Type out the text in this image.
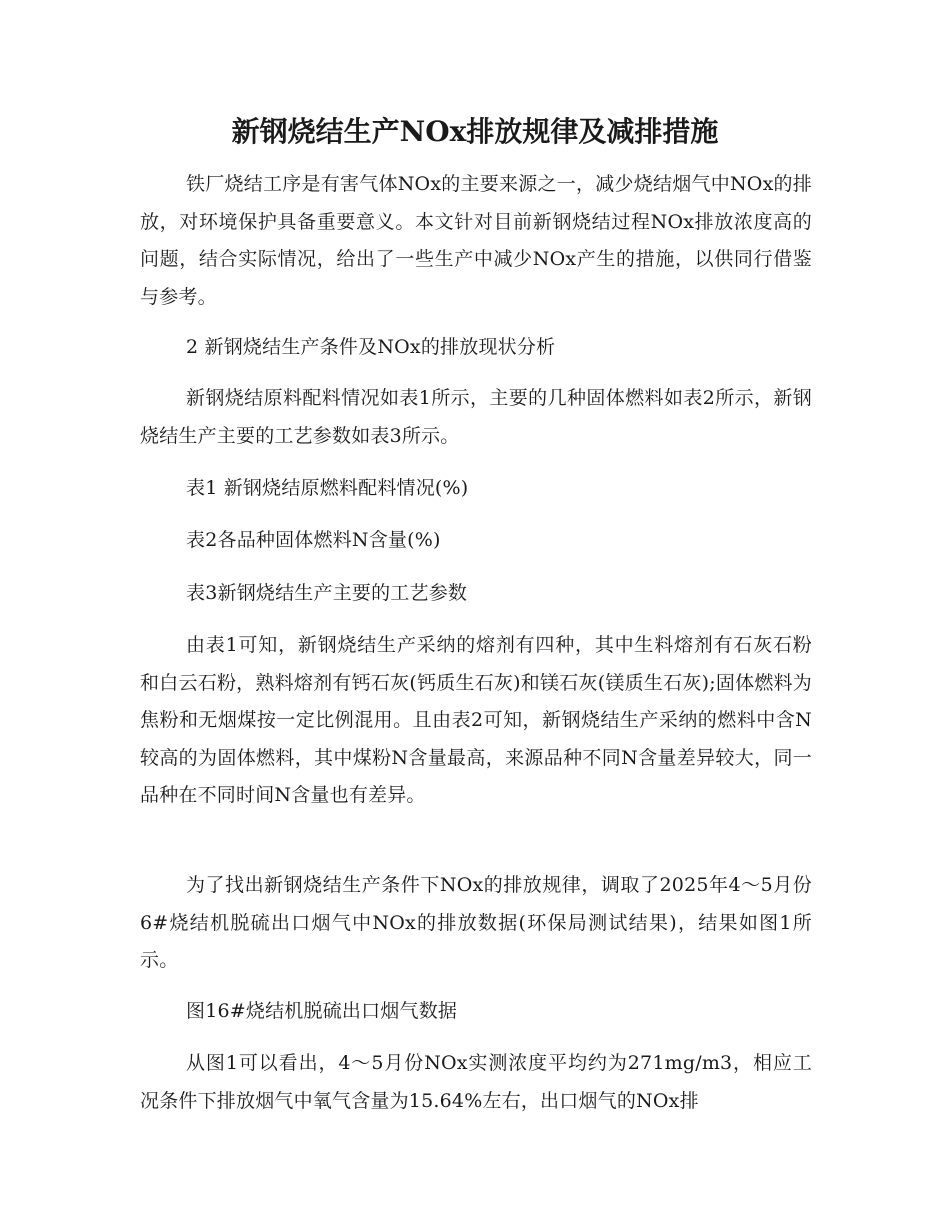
新钢烧结生产NOx排放规律及减排措施

铁厂烧结工序是有害气体NOx的主要来源之一，减少烧结烟气中NOx的排放，对环境保护具备重要意义。本文针对目前新钢烧结过程NOx排放浓度高的问题，结合实际情况，给出了一些生产中减少NOx产生的措施，以供同行借鉴与参考。

2 新钢烧结生产条件及NOx的排放现状分析

新钢烧结原料配料情况如表1所示，主要的几种固体燃料如表2所示，新钢烧结生产主要的工艺参数如表3所示。

表1 新钢烧结原燃料配料情况(%)

表2各品种固体燃料N含量(%)

表3新钢烧结生产主要的工艺参数

由表1可知，新钢烧结生产采纳的熔剂有四种，其中生料熔剂有石灰石粉和白云石粉，熟料熔剂有钙石灰(钙质生石灰)和镁石灰(镁质生石灰);固体燃料为焦粉和无烟煤按一定比例混用。且由表2可知，新钢烧结生产采纳的燃料中含N较高的为固体燃料，其中煤粉N含量最高，来源品种不同N含量差异较大，同一品种在不同时间N含量也有差异。

为了找出新钢烧结生产条件下NOx的排放规律，调取了2025年4～5月份6#烧结机脱硫出口烟气中NOx的排放数据(环保局测试结果)，结果如图1所示。

图16#烧结机脱硫出口烟气数据

从图1可以看出，4～5月份NOx实测浓度平均约为271mg/m3，相应工况条件下排放烟气中氧气含量为15.64%左右，出口烟气的NOx排
